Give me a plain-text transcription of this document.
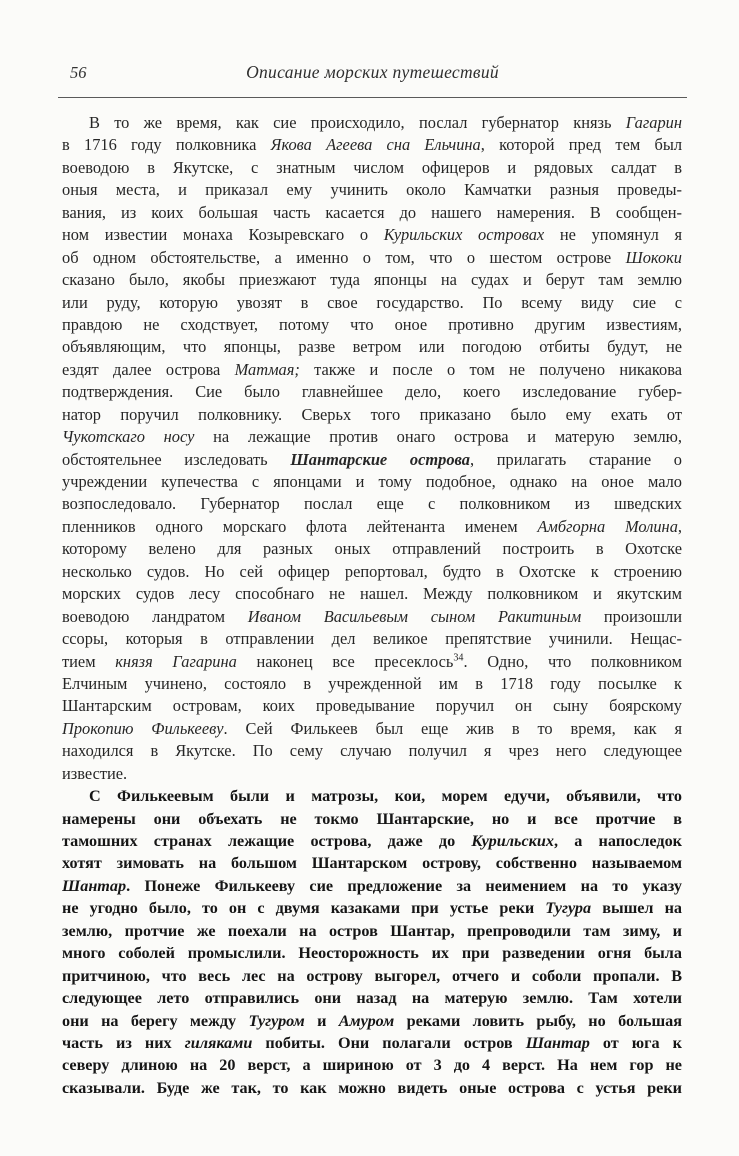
56	Описание морских путешествий
В то же время, как сие происходило, послал губернатор князь Гагарин
в 1716 году полковника Якова Агеева сна Ельчина, которой пред тем был
воеводою в Якутске, с знатным числом офицеров и рядовых салдат в
оныя места, и приказал ему учинить около Камчатки разныя проведы-
вания, из коих большая часть касается до нашего намерения. В сообщен-
ном известии монаха Козыревскаго о Курильских островах не упомянул я
об одном обстоятельстве, а именно о том, что о шестом острове Шококи
сказано было, якобы приезжают туда японцы на судах и берут там землю
или руду, которую увозят в свое государство. По всему виду сие с
правдою не сходствует, потому что оное противно другим известиям,
объявляющим, что японцы, разве ветром или погодою отбиты будут, не
ездят далее острова Матмая; также и после о том не получено никакова
подтверждения. Сие было главнейшее дело, коего изследование губер-
натор поручил полковнику. Сверьх того приказано было ему ехать от
Чукотскаго носу на лежащие против онаго острова и матерую землю,
обстоятельнее изследовать Шантарские острова, прилагать старание о
учреждении купечества с японцами и тому подобное, однако на оное мало
возпоследовало. Губернатор послал еще с полковником из шведских
пленников одного морскаго флота лейтенанта именем Амбгорна Молина,
которому велено для разных оных отправлений построить в Охотске
несколько судов. Но сей офицер репортовал, будто в Охотске к строению
морских судов лесу способнаго не нашел. Между полковником и якутским
воеводою ландратом Иваном Васильевым сыном Ракитиным произошли
ссоры, которыя в отправлении дел великое препятствие учинили. Нещас-
тием князя Гагарина наконец все пресеклось$^{34}$. Одно, что полковником
Елчиным учинено, состояло в учрежденной им в 1718 году посылке к
Шантарским островам, коих проведывание поручил он сыну боярскому
Прокопию Филькееву. Сей Филькеев был еще жив в то время, как я
находился в Якутске. По сему случаю получил я чрез него следующее
известие.
С Филькеевым были и матрозы, кои, морем едучи, объявили, что
намерены они объехать не токмо Шантарские, но и все протчие в
тамошних странах лежащие острова, даже до Курильских, а напоследок
хотят зимовать на большом Шантарском острову, собственно называемом
Шантар. Понеже Филькееву сие предложение за неимением на то указу
не угодно было, то он с двумя казаками при устье реки Тугура вышел на
землю, протчие же поехали на остров Шантар, препроводили там зиму, и
много соболей промыслили. Неосторожность их при разведении огня была
притчиною, что весь лес на острову выгорел, отчего и соболи пропали. В
следующее лето отправились они назад на матерую землю. Там хотели
они на берегу между Тугуром и Амуром реками ловить рыбу, но большая
часть из них гиляками побиты. Они полагали остров Шантар от юга к
северу длиною на 20 верст, а шириною от 3 до 4 верст. На нем гор не
сказывали. Буде же так, то как можно видеть оные острова с устья реки
